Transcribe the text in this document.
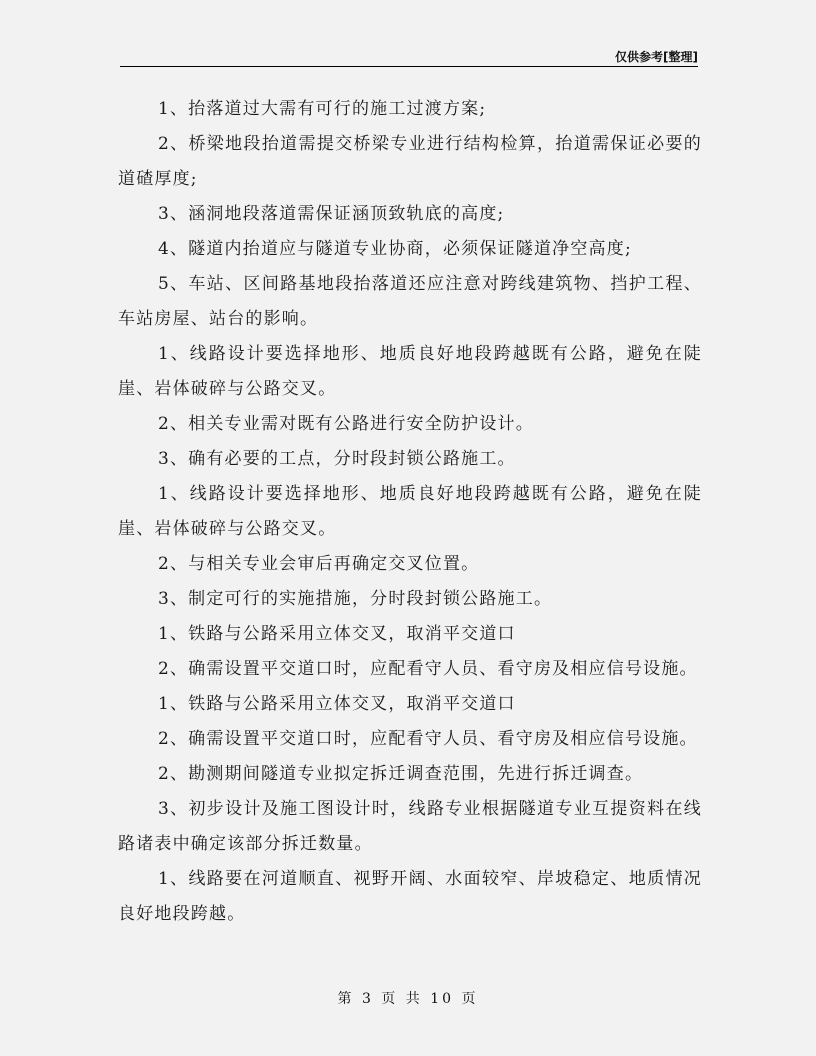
仅供参考[整理]

1、抬落道过大需有可行的施工过渡方案;

2、桥梁地段抬道需提交桥梁专业进行结构检算，抬道需保证必要的道碴厚度;

3、涵洞地段落道需保证涵顶致轨底的高度;

4、隧道内抬道应与隧道专业协商，必须保证隧道净空高度;

5、车站、区间路基地段抬落道还应注意对跨线建筑物、挡护工程、车站房屋、站台的影响。

1、线路设计要选择地形、地质良好地段跨越既有公路，避免在陡崖、岩体破碎与公路交叉。

2、相关专业需对既有公路进行安全防护设计。

3、确有必要的工点，分时段封锁公路施工。

1、线路设计要选择地形、地质良好地段跨越既有公路，避免在陡崖、岩体破碎与公路交叉。

2、与相关专业会审后再确定交叉位置。

3、制定可行的实施措施，分时段封锁公路施工。

1、铁路与公路采用立体交叉，取消平交道口

2、确需设置平交道口时，应配看守人员、看守房及相应信号设施。

1、铁路与公路采用立体交叉，取消平交道口

2、确需设置平交道口时，应配看守人员、看守房及相应信号设施。

2、勘测期间隧道专业拟定拆迁调查范围，先进行拆迁调查。

3、初步设计及施工图设计时，线路专业根据隧道专业互提资料在线路诸表中确定该部分拆迁数量。

1、线路要在河道顺直、视野开阔、水面较窄、岸坡稳定、地质情况良好地段跨越。

第 3 页 共 10 页
